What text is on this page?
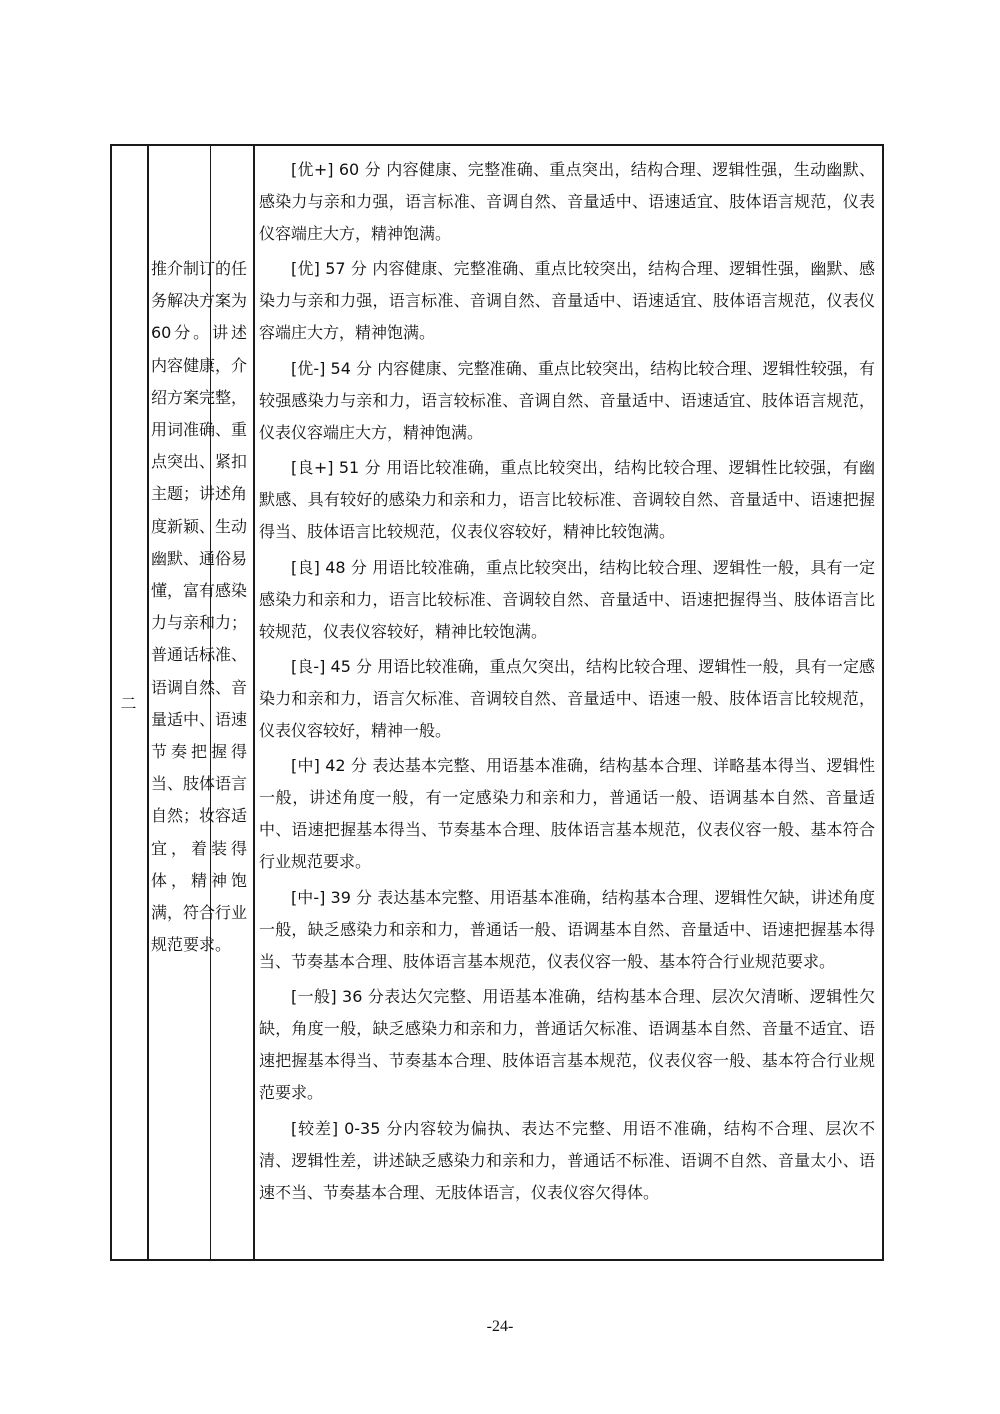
二
推介制订的任务解决方案为60分。讲述内容健康，介绍方案完整，用词准确、重点突出、紧扣主题；讲述角度新颖、生动幽默、通俗易懂，富有感染力与亲和力；普通话标准、语调自然、音量适中、语速节奏把握得当、肢体语言自然；妆容适宜，着装得体，精神饱满，符合行业规范要求。
[优+] 60 分 内容健康、完整准确、重点突出，结构合理、逻辑性强，生动幽默、感染力与亲和力强，语言标准、音调自然、音量适中、语速适宜、肢体语言规范，仪表仪容端庄大方，精神饱满。
[优] 57 分 内容健康、完整准确、重点比较突出，结构合理、逻辑性强，幽默、感染力与亲和力强，语言标准、音调自然、音量适中、语速适宜、肢体语言规范，仪表仪容端庄大方，精神饱满。
[优-] 54 分 内容健康、完整准确、重点比较突出，结构比较合理、逻辑性较强，有较强感染力与亲和力，语言较标准、音调自然、音量适中、语速适宜、肢体语言规范，仪表仪容端庄大方，精神饱满。
[良+] 51 分 用语比较准确，重点比较突出，结构比较合理、逻辑性比较强，有幽默感、具有较好的感染力和亲和力，语言比较标准、音调较自然、音量适中、语速把握得当、肢体语言比较规范，仪表仪容较好，精神比较饱满。
[良] 48 分 用语比较准确，重点比较突出，结构比较合理、逻辑性一般，具有一定感染力和亲和力，语言比较标准、音调较自然、音量适中、语速把握得当、肢体语言比较规范，仪表仪容较好，精神比较饱满。
[良-] 45 分 用语比较准确，重点欠突出，结构比较合理、逻辑性一般，具有一定感染力和亲和力，语言欠标准、音调较自然、音量适中、语速一般、肢体语言比较规范，仪表仪容较好，精神一般。
[中] 42 分 表达基本完整、用语基本准确，结构基本合理、详略基本得当、逻辑性一般，讲述角度一般，有一定感染力和亲和力，普通话一般、语调基本自然、音量适中、语速把握基本得当、节奏基本合理、肢体语言基本规范，仪表仪容一般、基本符合行业规范要求。
[中-] 39 分 表达基本完整、用语基本准确，结构基本合理、逻辑性欠缺，讲述角度一般，缺乏感染力和亲和力，普通话一般、语调基本自然、音量适中、语速把握基本得当、节奏基本合理、肢体语言基本规范，仪表仪容一般、基本符合行业规范要求。
[一般] 36 分表达欠完整、用语基本准确，结构基本合理、层次欠清晰、逻辑性欠缺，角度一般，缺乏感染力和亲和力，普通话欠标准、语调基本自然、音量不适宜、语速把握基本得当、节奏基本合理、肢体语言基本规范，仪表仪容一般、基本符合行业规范要求。
[较差] 0-35 分内容较为偏执、表达不完整、用语不准确，结构不合理、层次不清、逻辑性差，讲述缺乏感染力和亲和力，普通话不标准、语调不自然、音量太小、语速不当、节奏基本合理、无肢体语言，仪表仪容欠得体。
-24-
